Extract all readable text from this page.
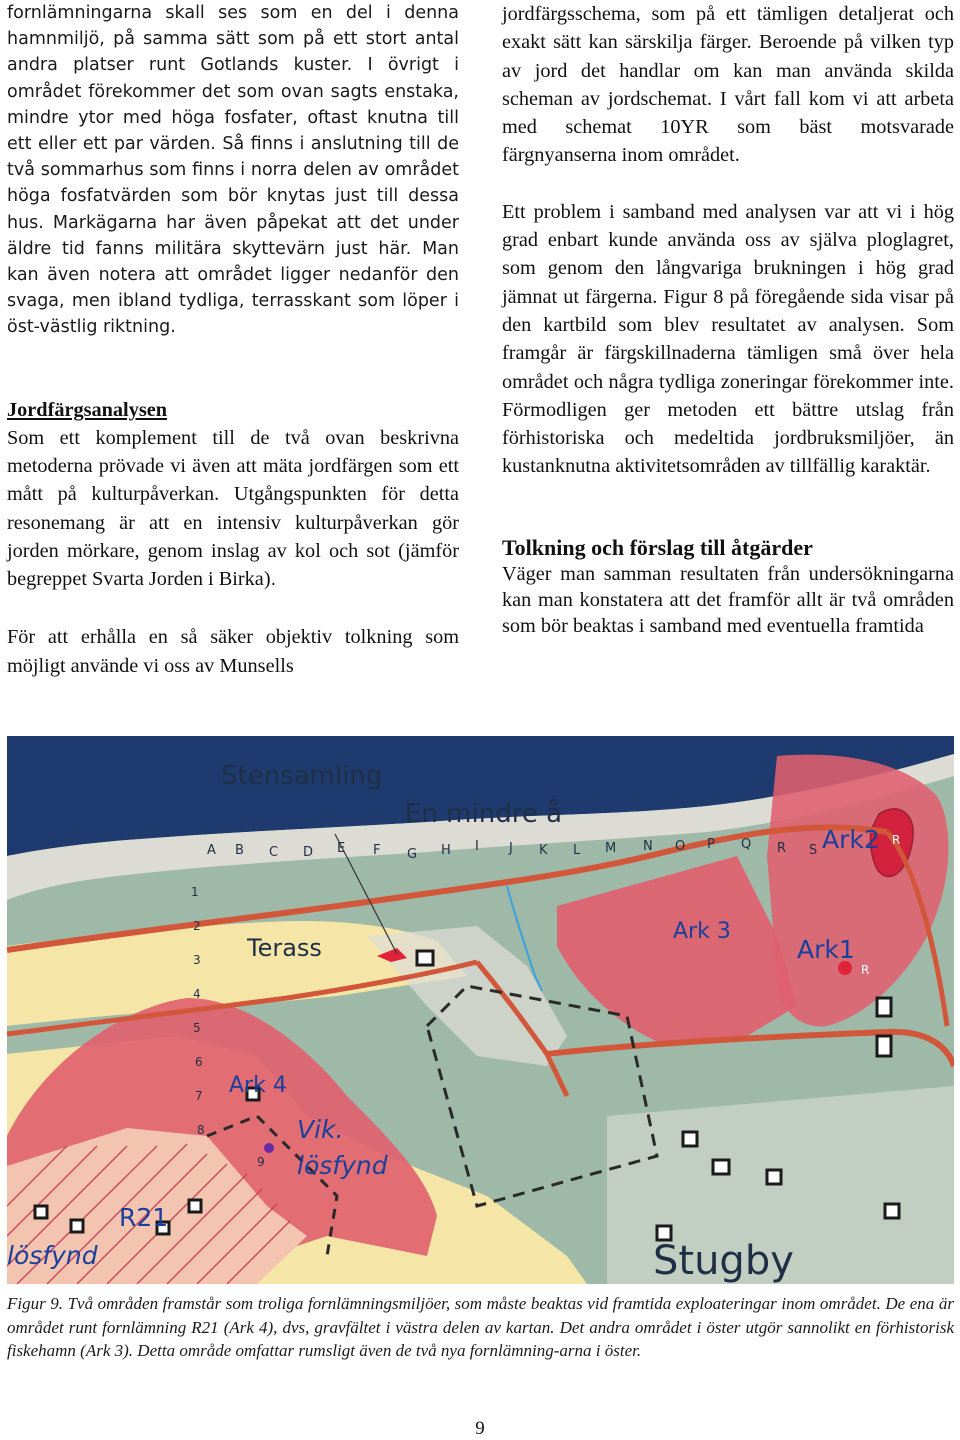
fornlämningarna skall ses som en del i denna hamnmiljö, på samma sätt som på ett stort antal andra platser runt Gotlands kuster. I övrigt i området förekommer det som ovan sagts enstaka, mindre ytor med höga fosfater, oftast knutna till ett eller ett par värden. Så finns i anslutning till de två sommarhus som finns i norra delen av området höga fosfatvärden som bör knytas just till dessa hus. Markägarna har även påpekat att det under äldre tid fanns militära skyttevärn just här. Man kan även notera att området ligger nedanför den svaga, men ibland tydliga, terrasskant som löper i öst-västlig riktning.

Jordfärgsanalysen

Som ett komplement till de två ovan beskrivna metoderna prövade vi även att mäta jordfärgen som ett mått på kulturpåverkan. Utgångspunkten för detta resonemang är att en intensiv kulturpåverkan gör jorden mörkare, genom inslag av kol och sot (jämför begreppet Svarta Jorden i Birka).

För att erhålla en så säker objektiv tolkning som möjligt använde vi oss av Munsells

jordfärgsschema, som på ett tämligen detaljerat och exakt sätt kan särskilja färger. Beroende på vilken typ av jord det handlar om kan man använda skilda scheman av jordschemat. I vårt fall kom vi att arbeta med schemat 10YR som bäst motsvarade färgnyanserna inom området.

Ett problem i samband med analysen var att vi i hög grad enbart kunde använda oss av själva ploglagret, som genom den långvariga brukningen i hög grad jämnat ut färgerna. Figur 8 på föregående sida visar på den kartbild som blev resultatet av analysen. Som framgår är färgskillnaderna tämligen små över hela området och några tydliga zoneringar förekommer inte. Förmodligen ger metoden ett bättre utslag från förhistoriska och medeltida jordbruksmiljöer, än kustanknutna aktivitetsområden av tillfällig karaktär.

Tolkning och förslag till åtgärder

Väger man samman resultaten från undersökningarna kan man konstatera att det framför allt är två områden som bör beaktas i samband med eventuella framtida

Stensamling
En mindre å
Terass
Ark2 R
Ark1
R
Ark 3
Ark 4
Vik.
lösfynd
R21
lösfynd	Stugby
A B C D E F G H I J K L M N O P Q R S
1
2
3
4
5
6
7
8
9
Figur 9. Två områden framstår som troliga fornlämningsmiljöer, som måste beaktas vid framtida exploateringar inom området. De ena är området runt fornlämning R21 (Ark 4), dvs, gravfältet i västra delen av kartan. Det andra området i öster utgör sannolikt en förhistorisk fiskehamn (Ark 3). Detta område omfattar rumsligt även de två nya fornlämning-arna i öster.
9
